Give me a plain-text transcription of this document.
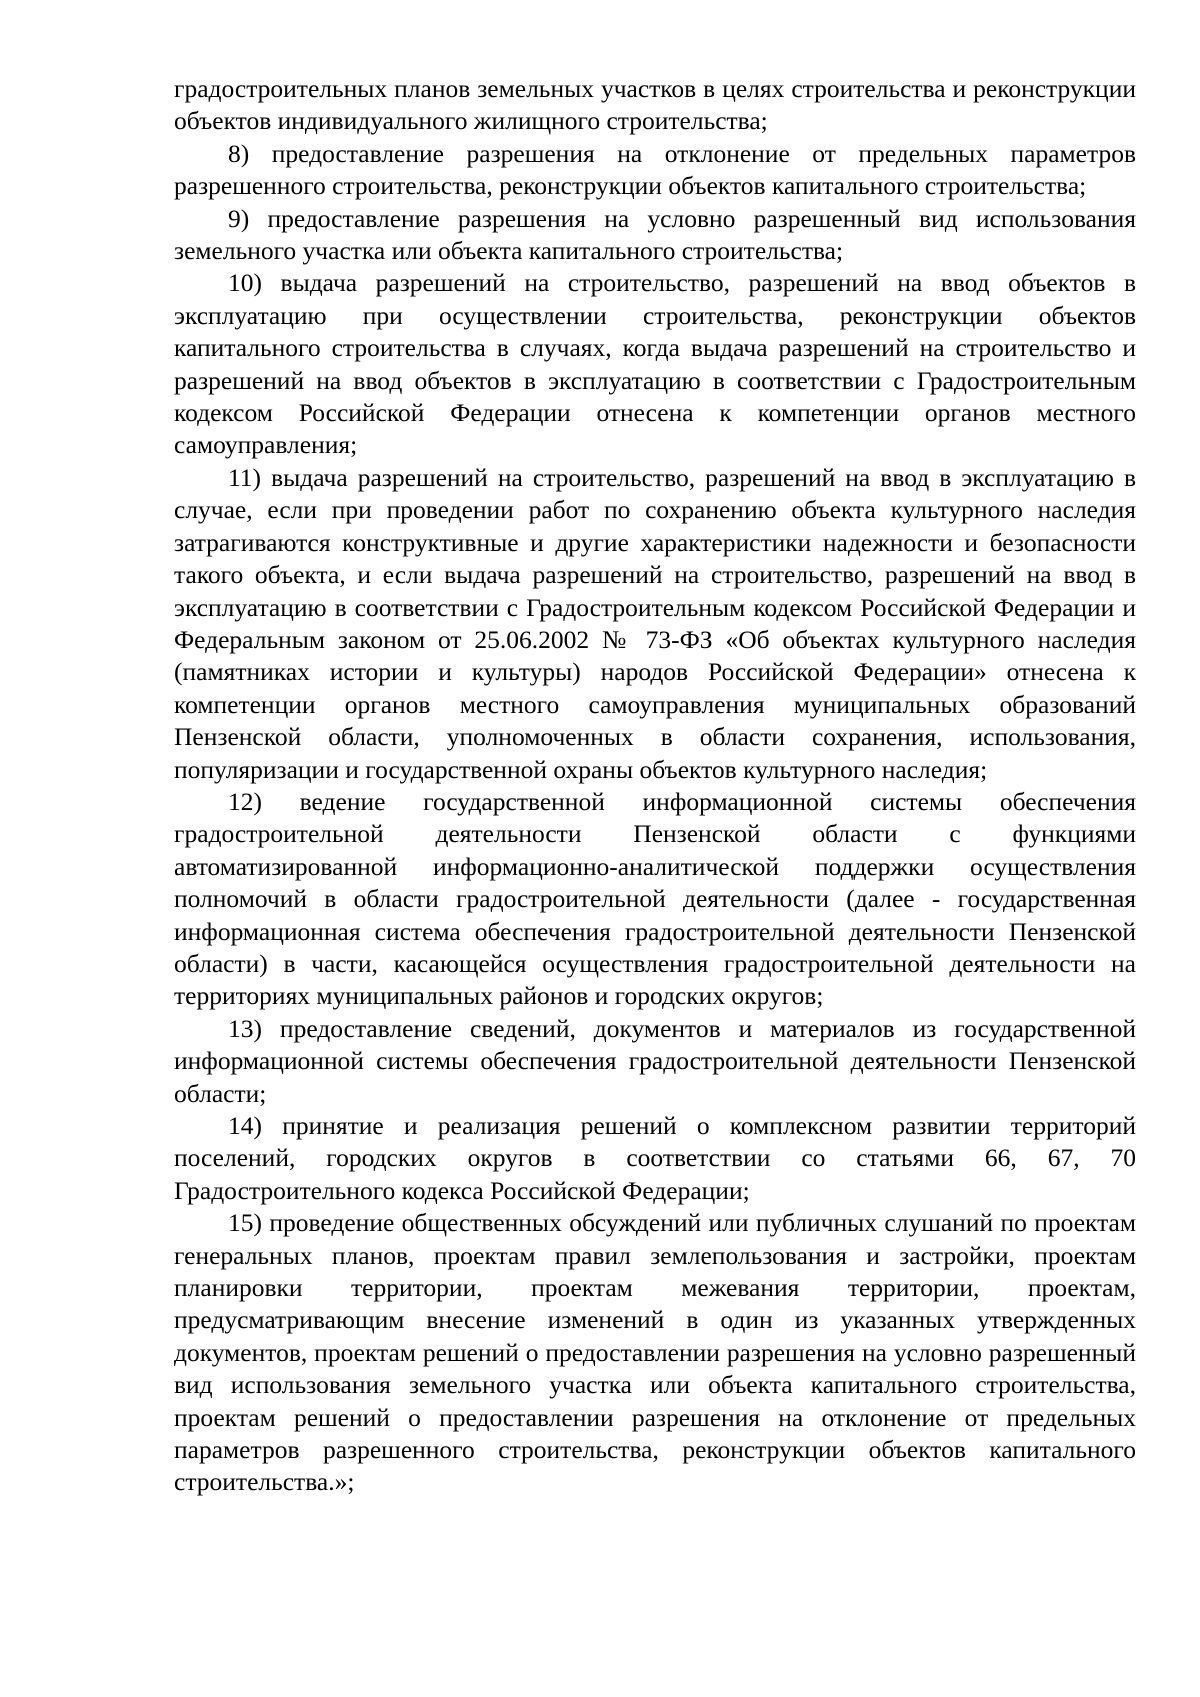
градостроительных планов земельных участков в целях строительства и реконструкции объектов индивидуального жилищного строительства;

8) предоставление разрешения на отклонение от предельных параметров разрешенного строительства, реконструкции объектов капитального строительства;

9) предоставление разрешения на условно разрешенный вид использования земельного участка или объекта капитального строительства;

10) выдача разрешений на строительство, разрешений на ввод объектов в эксплуатацию при осуществлении строительства, реконструкции объектов капитального строительства в случаях, когда выдача разрешений на строительство и разрешений на ввод объектов в эксплуатацию в соответствии с Градостроительным кодексом Российской Федерации отнесена к компетенции органов местного самоуправления;

11) выдача разрешений на строительство, разрешений на ввод в эксплуатацию в случае, если при проведении работ по сохранению объекта культурного наследия затрагиваются конструктивные и другие характеристики надежности и безопасности такого объекта, и если выдача разрешений на строительство, разрешений на ввод в эксплуатацию в соответствии с Градостроительным кодексом Российской Федерации и Федеральным законом от 25.06.2002 № 73-ФЗ «Об объектах культурного наследия (памятниках истории и культуры) народов Российской Федерации» отнесена к компетенции органов местного самоуправления муниципальных образований Пензенской области, уполномоченных в области сохранения, использования, популяризации и государственной охраны объектов культурного наследия;

12) ведение государственной информационной системы обеспечения градостроительной деятельности Пензенской области с функциями автоматизированной информационно-аналитической поддержки осуществления полномочий в области градостроительной деятельности (далее - государственная информационная система обеспечения градостроительной деятельности Пензенской области) в части, касающейся осуществления градостроительной деятельности на территориях муниципальных районов и городских округов;

13) предоставление сведений, документов и материалов из государственной информационной системы обеспечения градостроительной деятельности Пензенской области;

14) принятие и реализация решений о комплексном развитии территорий поселений, городских округов в соответствии со статьями 66, 67, 70 Градостроительного кодекса Российской Федерации;

15) проведение общественных обсуждений или публичных слушаний по проектам генеральных планов, проектам правил землепользования и застройки, проектам планировки территории, проектам межевания территории, проектам, предусматривающим внесение изменений в один из указанных утвержденных документов, проектам решений о предоставлении разрешения на условно разрешенный вид использования земельного участка или объекта капитального строительства, проектам решений о предоставлении разрешения на отклонение от предельных параметров разрешенного строительства, реконструкции объектов капитального строительства.»;
